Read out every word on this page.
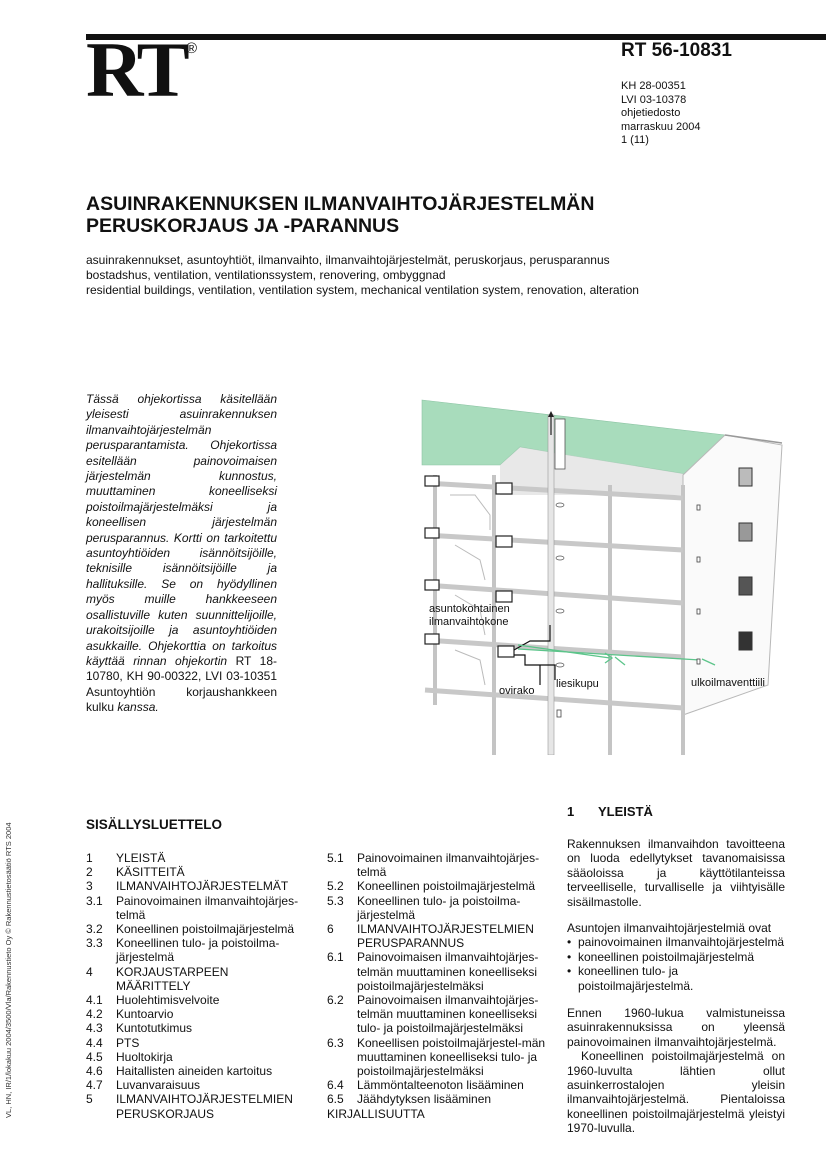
RT ®	RT 56-10831
KH 28-00351
LVI 03-10378
ohjetiedosto
marraskuu 2004
1 (11)
ASUINRAKENNUKSEN ILMANVAIHTOJÄRJESTELMÄN
PERUSKORJAUS JA -PARANNUS
asuinrakennukset, asuntoyhtiöt, ilmanvaihto, ilmanvaihtojärjestelmät, peruskorjaus, perusparannus
bostadshus, ventilation, ventilationssystem, renovering, ombyggnad
residential buildings, ventilation, ventilation system, mechanical ventilation system, renovation, alteration
Tässä ohjekortissa käsitellään yleisesti asuinrakennuksen ilmanvaihtojärjestelmän perusparantamista. Ohjekortissa esitellään painovoimaisen järjestelmän kunnostus, muuttaminen koneelliseksi poistoilmajärjestelmäksi ja koneellisen järjestelmän perusparannus. Kortti on tarkoitettu asuntoyhtiöiden isännöitsijöille, teknisille isännöitsijöille ja hallituksille. Se on hyödyllinen myös muille hankkeeseen osallistuville kuten suunnittelijoille, urakoitsijoille ja asuntoyhtiöiden asukkaille. Ohjekorttia on tarkoitus käyttää rinnan ohjekortin RT 18-10780, KH 90-00322, LVI 03-10351 Asuntoyhtiön korjaushankkeen kulku kanssa.
asuntokohtainen
ilmanvaihtokone
ovirako
liesikupu	ulkoilmaventtiili
SISÄLLYSLUETTELO
1	YLEISTÄ
2	KÄSITTEITÄ
3	ILMANVAIHTOJÄRJESTELMÄT
3.1	Painovoimainen ilmanvaihtojärjes-telmä
3.2	Koneellinen poistoilmajärjestelmä
3.3	Koneellinen tulo- ja poistoilma-järjestelmä
4	KORJAUSTARPEEN MÄÄRITTELY
4.1	Huolehtimisvelvoite
4.2	Kuntoarvio
4.3	Kuntotutkimus
4.4	PTS
4.5	Huoltokirja
4.6	Haitallisten aineiden kartoitus
4.7	Luvanvaraisuus
5	ILMANVAIHTOJÄRJESTELMIEN PERUSKORJAUS
5.1	Painovoimainen ilmanvaihtojärjes-telmä
5.2	Koneellinen poistoilmajärjestelmä
5.3	Koneellinen tulo- ja poistoilma-järjestelmä
6	ILMANVAIHTOJÄRJESTELMIEN PERUSPARANNUS
6.1	Painovoimaisen ilmanvaihtojärjes-telmän muuttaminen koneelliseksi poistoilmajärjestelmäksi
6.2	Painovoimaisen ilmanvaihtojärjes-telmän muuttaminen koneelliseksi tulo- ja poistoilmajärjestelmäksi
6.3	Koneellisen poistoilmajärjestel-män muuttaminen koneelliseksi tulo- ja poistoilmajärjestelmäksi
6.4	Lämmöntalteenoton lisääminen
6.5	Jäähdytyksen lisääminen
KIRJALLISUUTTA
1 YLEISTÄ
Rakennuksen ilmanvaihdon tavoitteena on luoda edellytykset tavanomaisissa sääoloissa ja käyttötilanteissa terveelliselle, turvalliselle ja viihtyisälle sisäilmastolle.
Asuntojen ilmanvaihtojärjestelmiä ovat
• painovoimainen ilmanvaihtojärjestelmä
• koneellinen poistoilmajärjestelmä
• koneellinen tulo- ja poistoilmajärjestelmä.
Ennen 1960-lukua valmistuneissa asuinrakennuksissa on yleensä painovoimainen ilmanvaihtojärjestelmä.
Koneellinen poistoilmajärjestelmä on 1960-luvulta lähtien ollut asuinkerrostalojen yleisin ilmanvaihtojärjestelmä. Pientaloissa koneellinen poistoilmajärjestelmä yleistyi 1970-luvulla.
VL, HN, IR/1/lokakuu 2004/3500/Vla/Rakennustieto Oy © Rakennustietosäätiö RTS 2004
